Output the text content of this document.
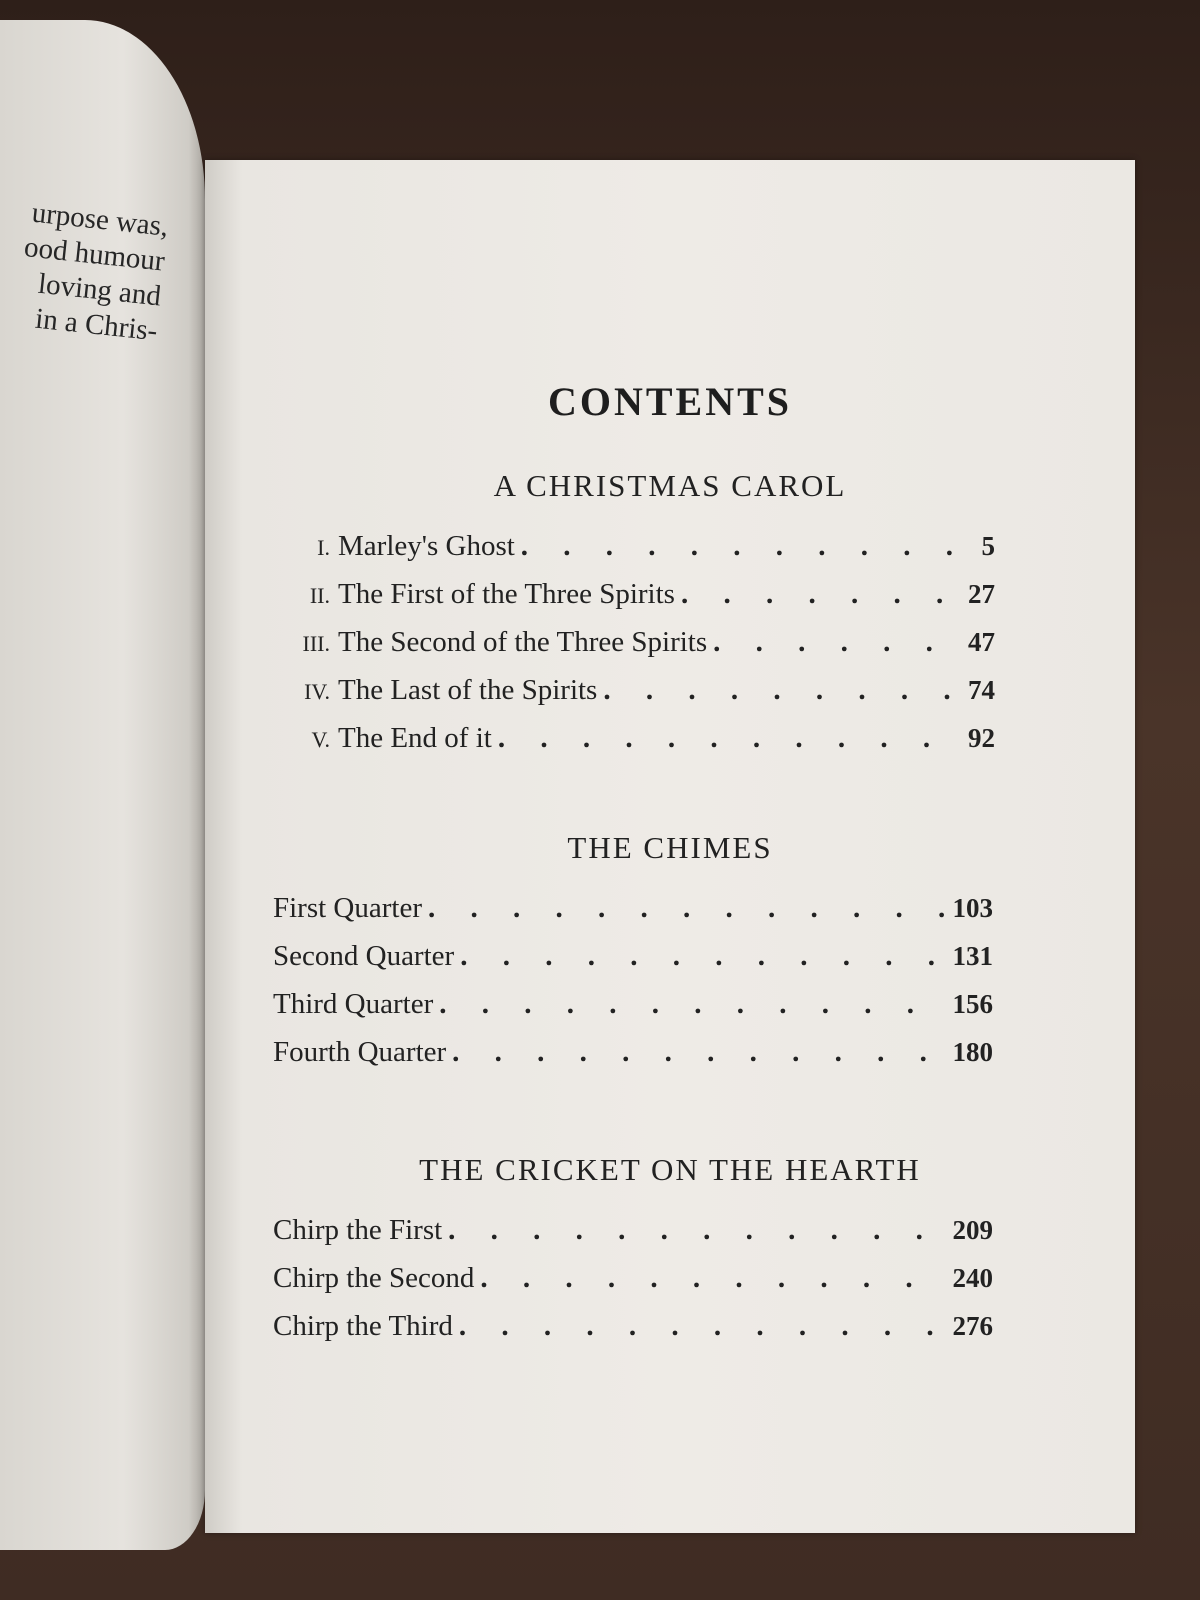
urpose was,
ood humour
loving and
in a Chris-
CONTENTS
A CHRISTMAS CAROL
I. Marley's Ghost . . .	5
II. The First of the Three Spirits . . .	27
III. The Second of the Three Spirits . . .	47
IV. The Last of the Spirits . . .	74
V. The End of it . . .	92
THE CHIMES
First Quarter . . .	103
Second Quarter . . .	131
Third Quarter . . .	156
Fourth Quarter . . .	180
THE CRICKET ON THE HEARTH
Chirp the First . . .	209
Chirp the Second . . .	240
Chirp the Third . . .	276
